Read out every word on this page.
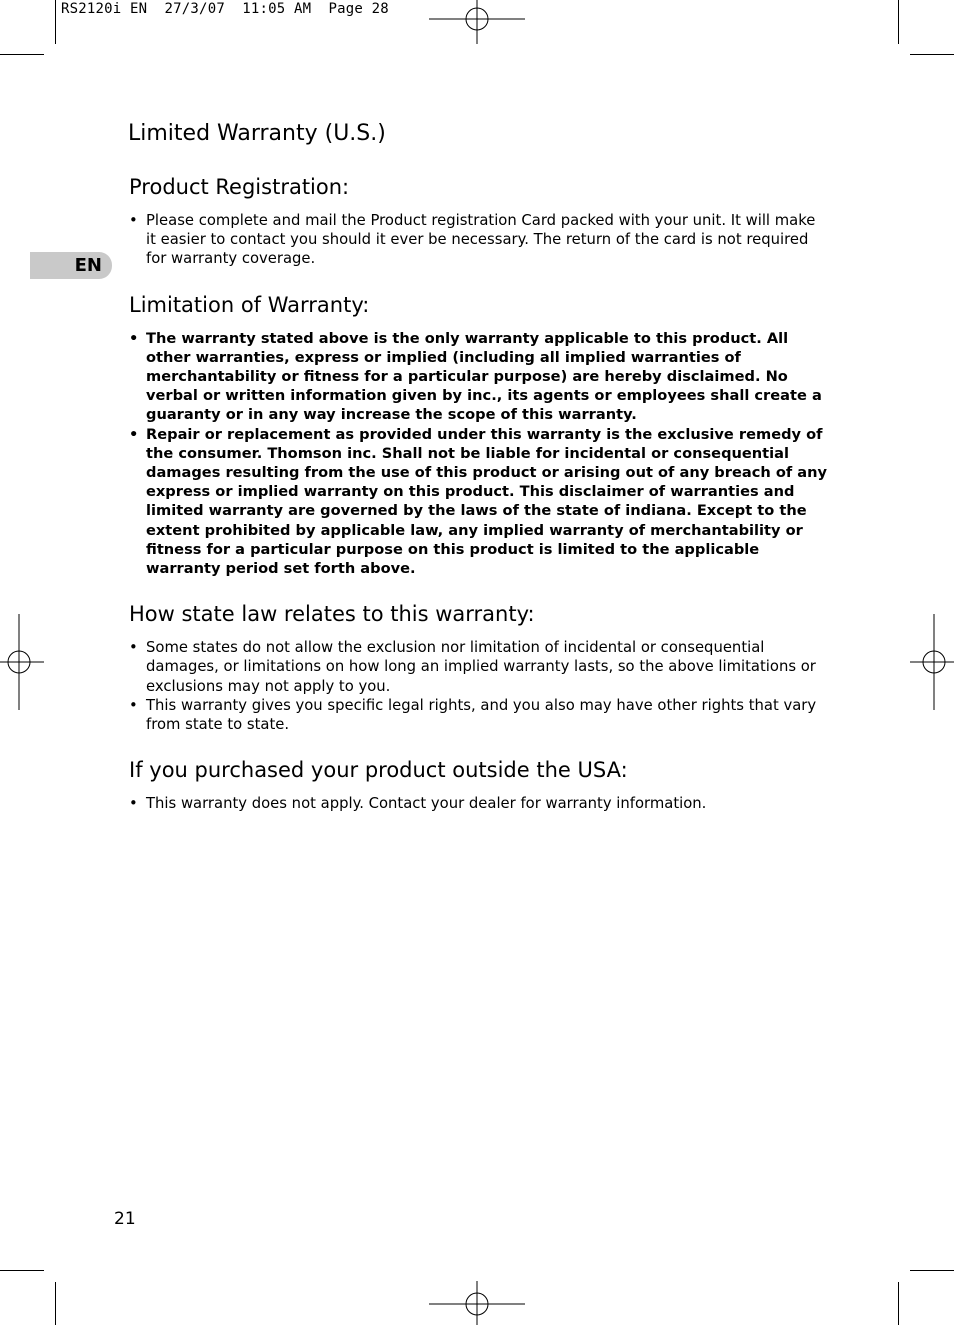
RS2120i EN  27/3/07  11:05 AM  Page 28
EN
Limited Warranty (U.S.)
Product Registration:
• Please complete and mail the Product registration Card packed with your unit. It will make it easier to contact you should it ever be necessary. The return of the card is not required for warranty coverage.
Limitation of Warranty:
• The warranty stated above is the only warranty applicable to this product. All other warranties, express or implied (including all implied warranties of merchantability or fitness for a particular purpose) are hereby disclaimed. No verbal or written information given by inc., its agents or employees shall create a guaranty or in any way increase the scope of this warranty.
• Repair or replacement as provided under this warranty is the exclusive remedy of the consumer. Thomson inc. Shall not be liable for incidental or consequential damages resulting from the use of this product or arising out of any breach of any express or implied warranty on this product. This disclaimer of warranties and limited warranty are governed by the laws of the state of indiana. Except to the extent prohibited by applicable law, any implied warranty of merchantability or fitness for a particular purpose on this product is limited to the applicable warranty period set forth above.
How state law relates to this warranty:
• Some states do not allow the exclusion nor limitation of incidental or consequential damages, or limitations on how long an implied warranty lasts, so the above limitations or exclusions may not apply to you.
• This warranty gives you specific legal rights, and you also may have other rights that vary from state to state.
If you purchased your product outside the USA:
• This warranty does not apply. Contact your dealer for warranty information.
21
